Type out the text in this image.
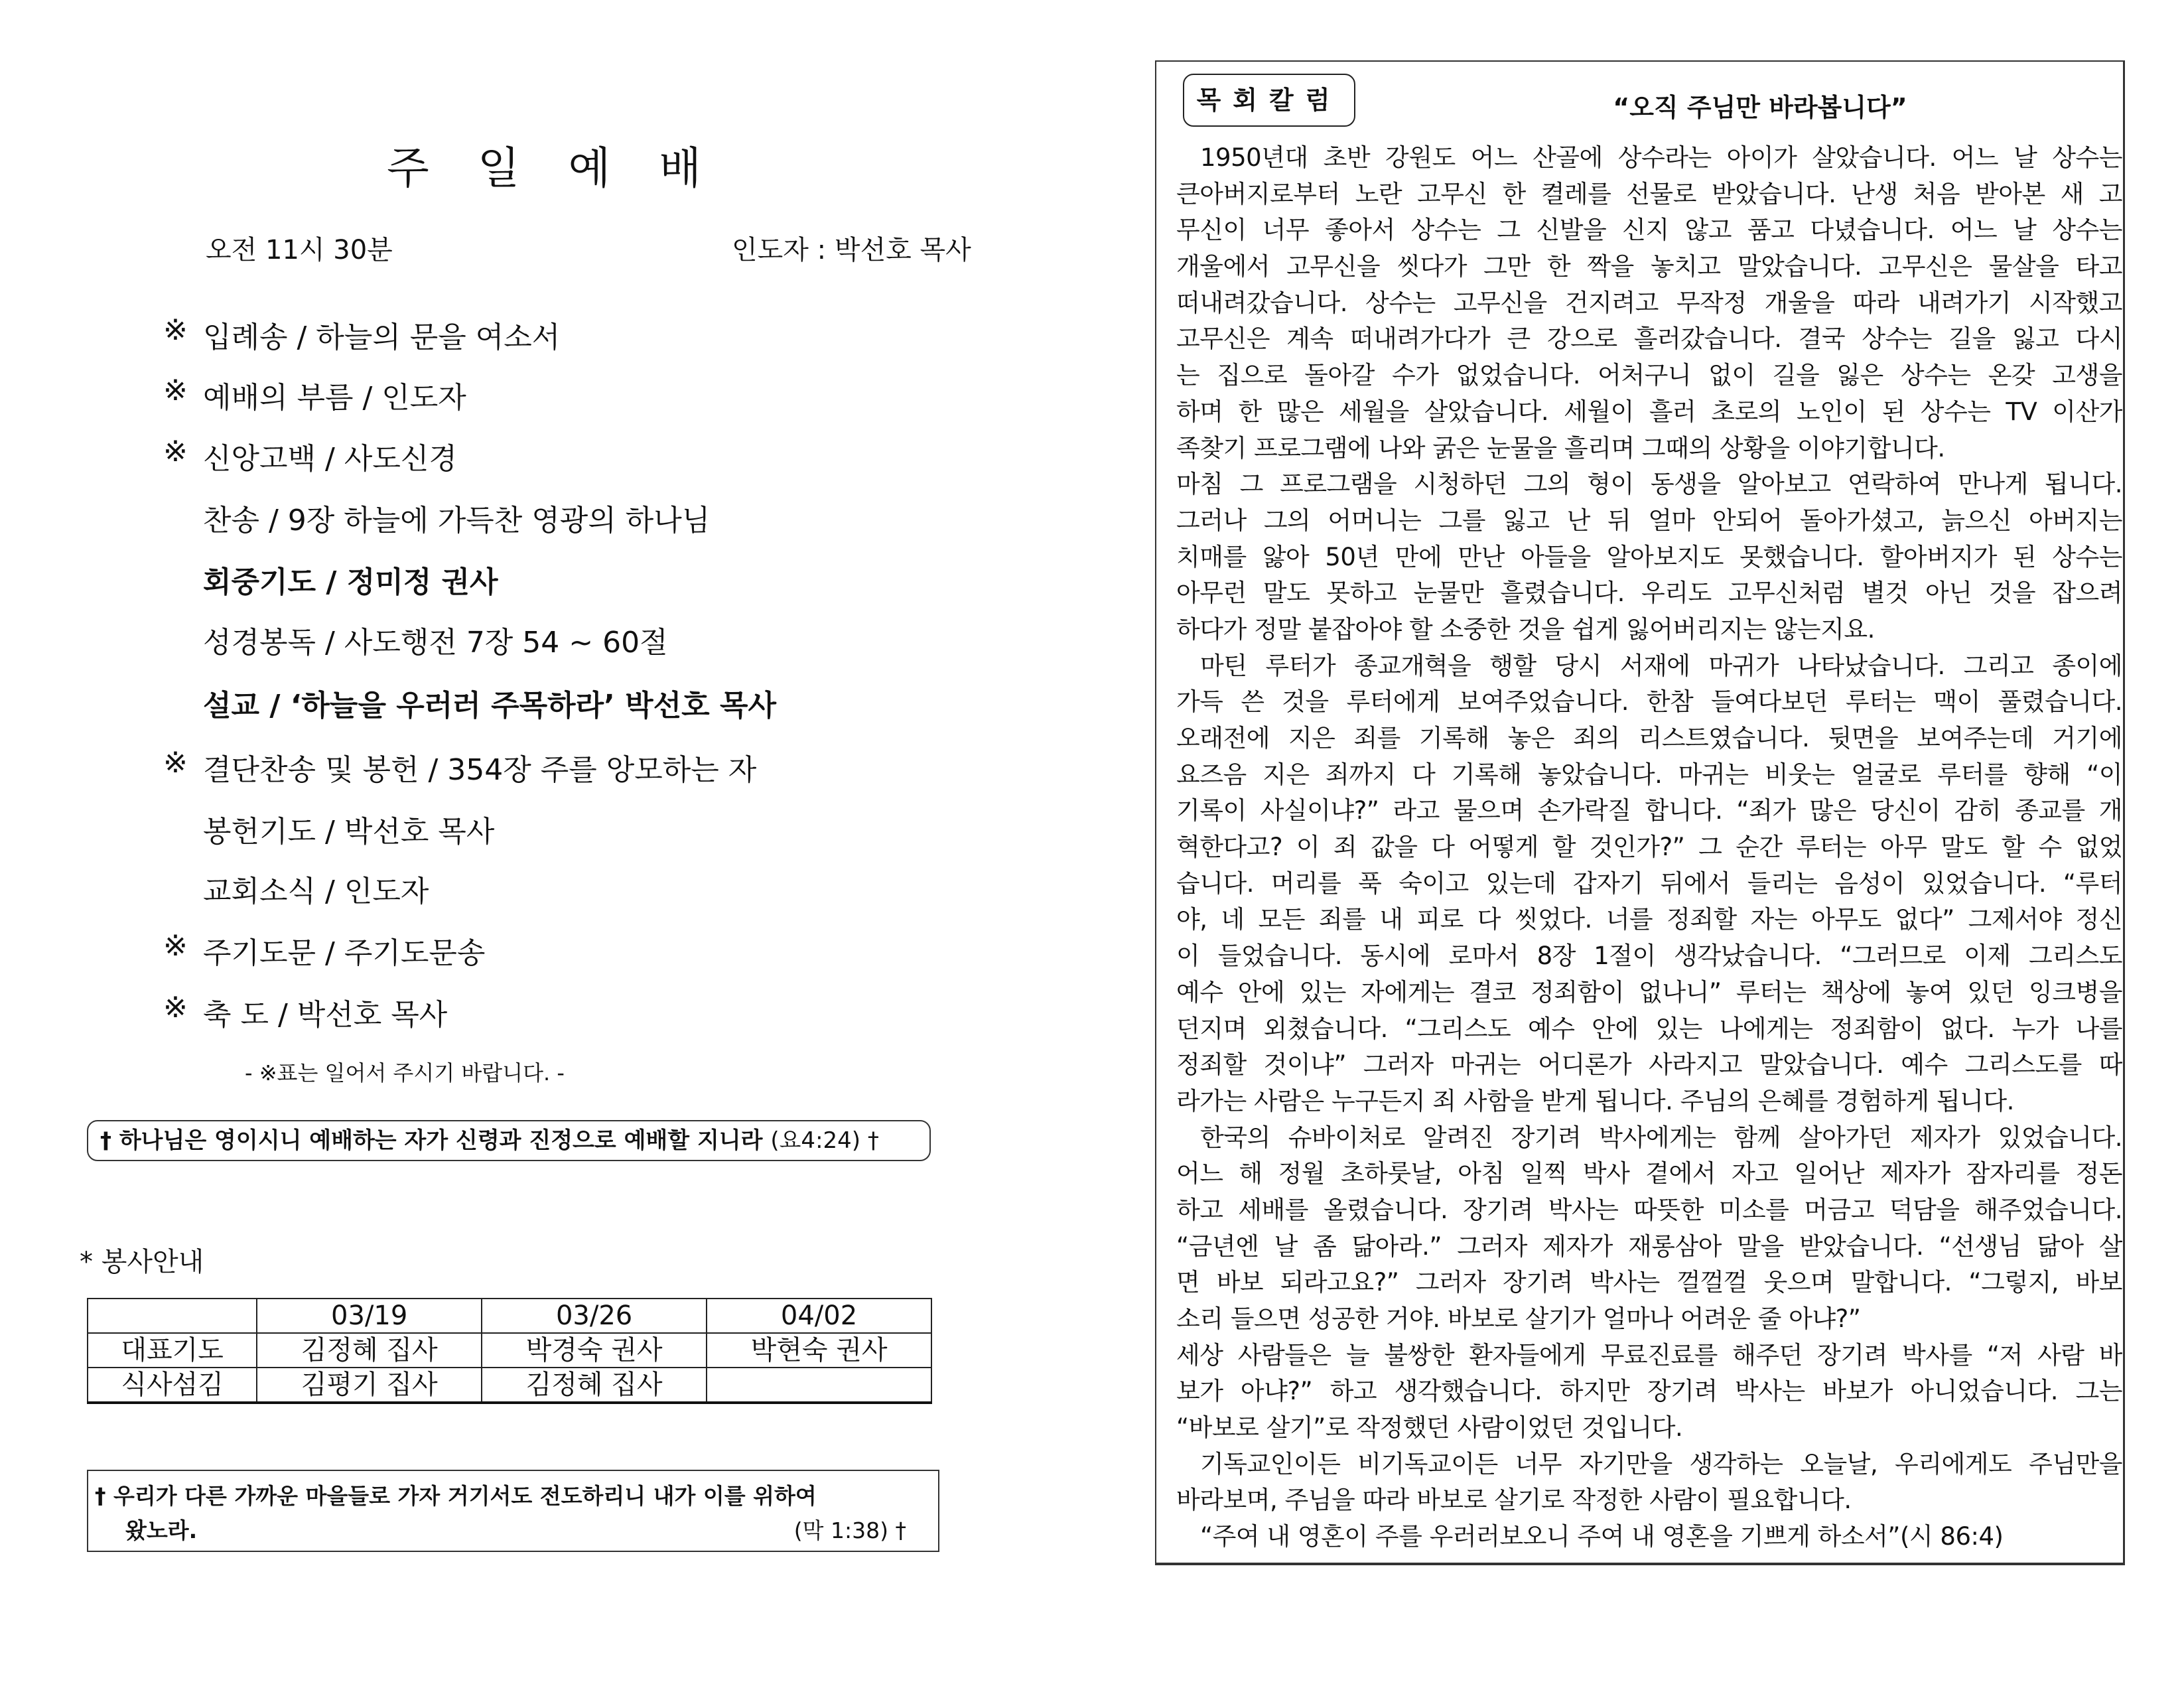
주 일 예 배
오전 11시 30분	인도자 : 박선호 목사
※ 입례송 / 하늘의 문을 여소서
※ 예배의 부름 / 인도자
※ 신앙고백 / 사도신경
찬송 / 9장 하늘에 가득찬 영광의 하나님
회중기도 / 정미정 권사
성경봉독 / 사도행전 7장 54 ~ 60절
설교 / ‘하늘을 우러러 주목하라’ 박선호 목사
※ 결단찬송 및 봉헌 / 354장 주를 앙모하는 자
봉헌기도 / 박선호 목사
교회소식 / 인도자
※ 주기도문 / 주기도문송
※ 축 도 / 박선호 목사
- ※표는 일어서 주시기 바랍니다. -
† 하나님은 영이시니 예배하는 자가 신령과 진정으로 예배할 지니라 (요4:24) †
* 봉사안내
	03/19	03/26	04/02
대표기도	김정혜 집사	박경숙 권사	박현숙 권사
식사섬김	김평기 집사	김정혜 집사	
† 우리가 다른 가까운 마을들로 가자 거기서도 전도하리니 내가 이를 위하여
왔노라.	(막 1:38) †
목회칼럼	“오직 주님만 바라봅니다”
1950년대 초반 강원도 어느 산골에 상수라는 아이가 살았습니다. 어느 날 상수는
큰아버지로부터 노란 고무신 한 켤레를 선물로 받았습니다. 난생 처음 받아본 새 고
무신이 너무 좋아서 상수는 그 신발을 신지 않고 품고 다녔습니다. 어느 날 상수는
개울에서 고무신을 씻다가 그만 한 짝을 놓치고 말았습니다. 고무신은 물살을 타고
떠내려갔습니다. 상수는 고무신을 건지려고 무작정 개울을 따라 내려가기 시작했고
고무신은 계속 떠내려가다가 큰 강으로 흘러갔습니다. 결국 상수는 길을 잃고 다시
는 집으로 돌아갈 수가 없었습니다. 어처구니 없이 길을 잃은 상수는 온갖 고생을
하며 한 많은 세월을 살았습니다. 세월이 흘러 초로의 노인이 된 상수는 TV 이산가
족찾기 프로그램에 나와 굵은 눈물을 흘리며 그때의 상황을 이야기합니다.
마침 그 프로그램을 시청하던 그의 형이 동생을 알아보고 연락하여 만나게 됩니다.
그러나 그의 어머니는 그를 잃고 난 뒤 얼마 안되어 돌아가셨고, 늙으신 아버지는
치매를 앓아 50년 만에 만난 아들을 알아보지도 못했습니다. 할아버지가 된 상수는
아무런 말도 못하고 눈물만 흘렸습니다. 우리도 고무신처럼 별것 아닌 것을 잡으려
하다가 정말 붙잡아야 할 소중한 것을 쉽게 잃어버리지는 않는지요.
마틴 루터가 종교개혁을 행할 당시 서재에 마귀가 나타났습니다. 그리고 종이에
가득 쓴 것을 루터에게 보여주었습니다. 한참 들여다보던 루터는 맥이 풀렸습니다.
오래전에 지은 죄를 기록해 놓은 죄의 리스트였습니다. 뒷면을 보여주는데 거기에
요즈음 지은 죄까지 다 기록해 놓았습니다. 마귀는 비웃는 얼굴로 루터를 향해 “이
기록이 사실이냐?” 라고 물으며 손가락질 합니다. “죄가 많은 당신이 감히 종교를 개
혁한다고? 이 죄 값을 다 어떻게 할 것인가?” 그 순간 루터는 아무 말도 할 수 없었
습니다. 머리를 푹 숙이고 있는데 갑자기 뒤에서 들리는 음성이 있었습니다. “루터
야, 네 모든 죄를 내 피로 다 씻었다. 너를 정죄할 자는 아무도 없다” 그제서야 정신
이 들었습니다. 동시에 로마서 8장 1절이 생각났습니다. “그러므로 이제 그리스도
예수 안에 있는 자에게는 결코 정죄함이 없나니” 루터는 책상에 놓여 있던 잉크병을
던지며 외쳤습니다. “그리스도 예수 안에 있는 나에게는 정죄함이 없다. 누가 나를
정죄할 것이냐” 그러자 마귀는 어디론가 사라지고 말았습니다. 예수 그리스도를 따
라가는 사람은 누구든지 죄 사함을 받게 됩니다. 주님의 은혜를 경험하게 됩니다.
한국의 슈바이처로 알려진 장기려 박사에게는 함께 살아가던 제자가 있었습니다.
어느 해 정월 초하룻날, 아침 일찍 박사 곁에서 자고 일어난 제자가 잠자리를 정돈
하고 세배를 올렸습니다. 장기려 박사는 따뜻한 미소를 머금고 덕담을 해주었습니다.
“금년엔 날 좀 닮아라.” 그러자 제자가 재롱삼아 말을 받았습니다. “선생님 닮아 살
면 바보 되라고요?” 그러자 장기려 박사는 껄껄껄 웃으며 말합니다. “그렇지, 바보
소리 들으면 성공한 거야. 바보로 살기가 얼마나 어려운 줄 아냐?”
세상 사람들은 늘 불쌍한 환자들에게 무료진료를 해주던 장기려 박사를 “저 사람 바
보가 아냐?” 하고 생각했습니다. 하지만 장기려 박사는 바보가 아니었습니다. 그는
“바보로 살기”로 작정했던 사람이었던 것입니다.
기독교인이든 비기독교이든 너무 자기만을 생각하는 오늘날, 우리에게도 주님만을
바라보며, 주님을 따라 바보로 살기로 작정한 사람이 필요합니다.
“주여 내 영혼이 주를 우러러보오니 주여 내 영혼을 기쁘게 하소서”(시 86:4)
